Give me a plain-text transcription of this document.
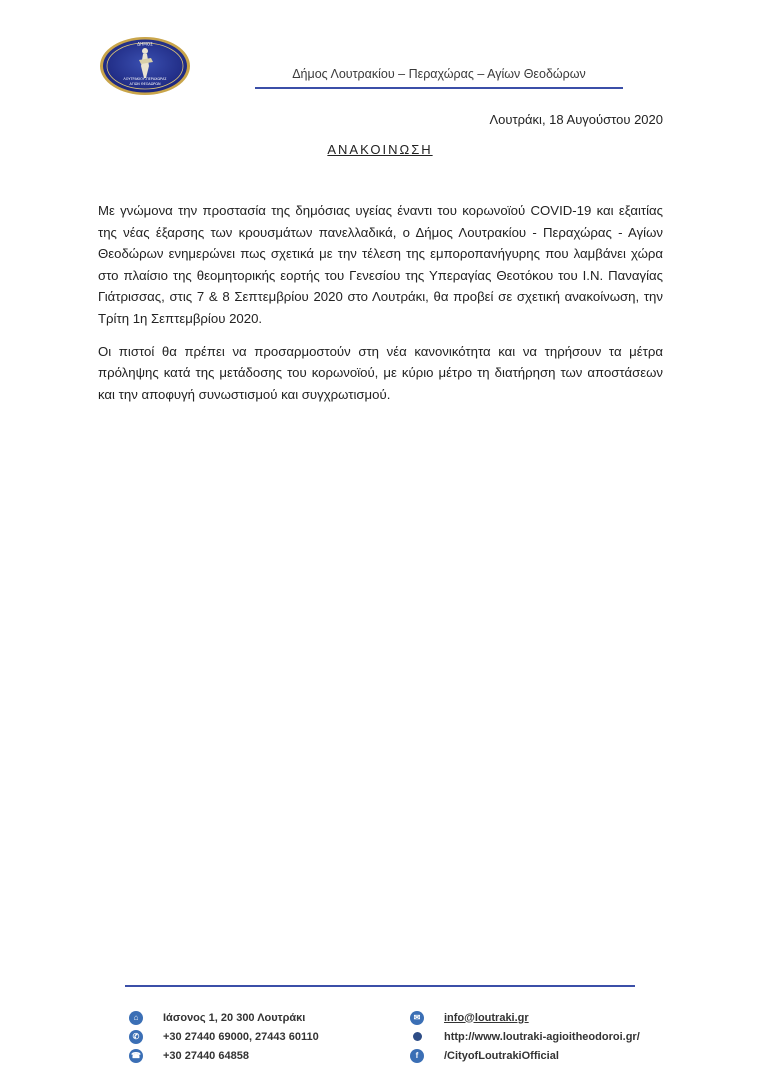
ΔΗΜΟΣ
ΛΟΥΤΡΑΚΙΟΥ-ΠΕΡΑΧΩΡΑΣ
ΑΓΙΩΝ ΘΕΟΔΩΡΩΝ
Δήμος Λουτρακίου – Περαχώρας – Αγίων Θεοδώρων
Λουτράκι, 18 Αυγούστου 2020
ΑΝΑΚΟΙΝΩΣΗ

Με γνώμονα την προστασία της δημόσιας υγείας έναντι του κορωνοϊού COVID-19 και εξαιτίας της νέας έξαρσης των κρουσμάτων πανελλαδικά, ο Δήμος Λουτρακίου - Περαχώρας - Αγίων Θεοδώρων ενημερώνει πως σχετικά με την τέλεση της εμποροπανήγυρης που λαμβάνει χώρα στο πλαίσιο της θεομητορικής εορτής του Γενεσίου της Υπεραγίας Θεοτόκου του Ι.Ν. Παναγίας Γιάτρισσας, στις 7 & 8 Σεπτεμβρίου 2020 στο Λουτράκι, θα προβεί σε σχετική ανακοίνωση, την Τρίτη 1η Σεπτεμβρίου 2020.

Οι πιστοί θα πρέπει να προσαρμοστούν στη νέα κανονικότητα και να τηρήσουν τα μέτρα πρόληψης κατά της μετάδοσης του κορωνοϊού, με κύριο μέτρο τη διατήρηση των αποστάσεων και την αποφυγή συνωστισμού και συγχρωτισμού.

⌂	Ιάσονος 1, 20 300 Λουτράκι
✆	+30 27440 69000, 27443 60110
☎ +30 27440 64858
✉	info@loutraki.gr
http://www.loutraki-agioitheodoroi.gr/
f	/CityofLoutrakiOfficial
